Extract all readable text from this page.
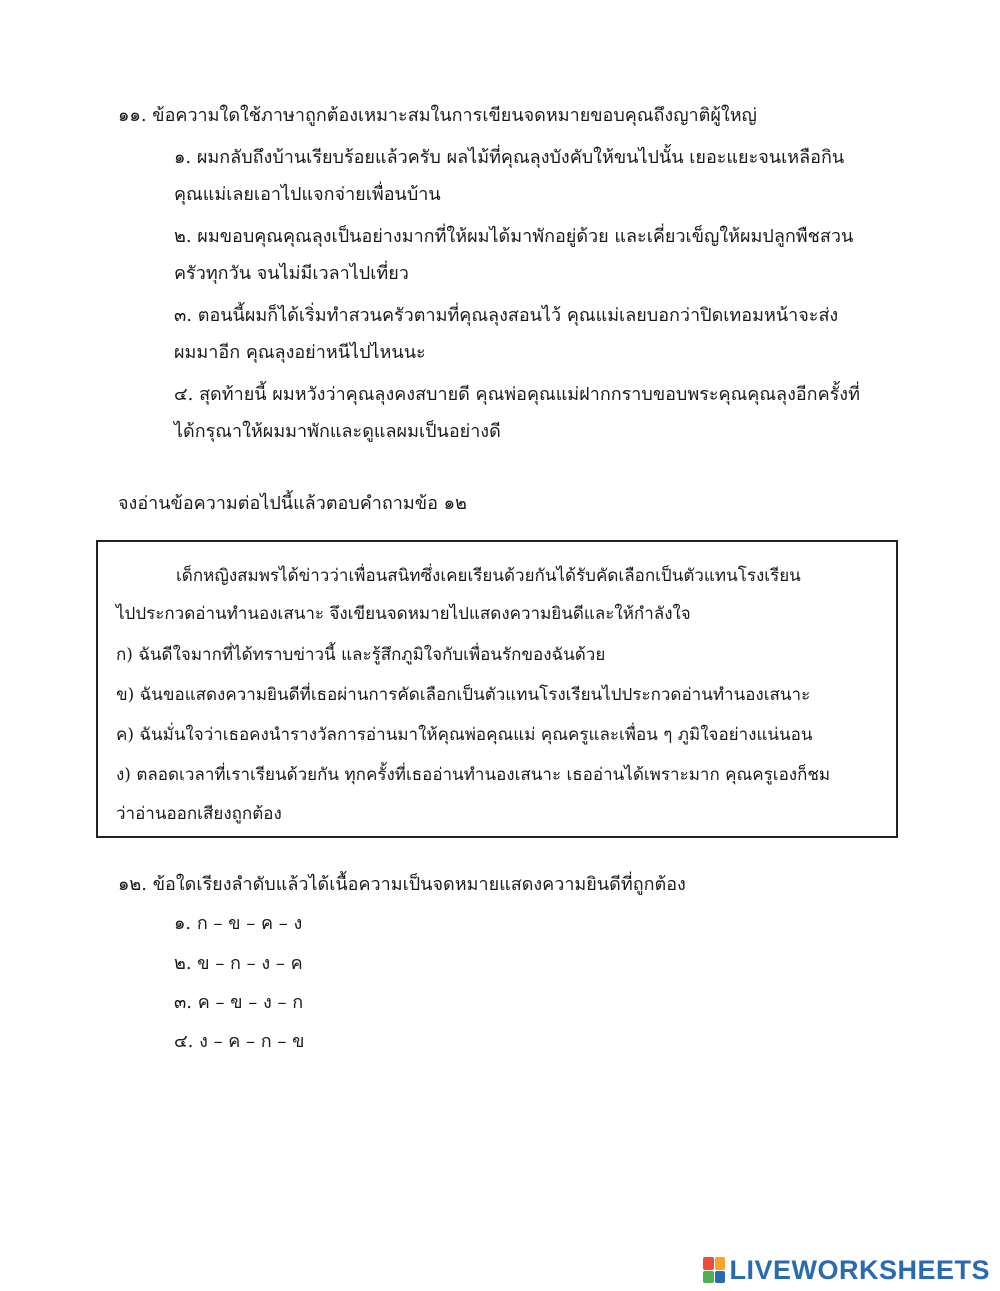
๑๑. ข้อความใดใช้ภาษาถูกต้องเหมาะสมในการเขียนจดหมายขอบคุณถึงญาติผู้ใหญ่
๑. ผมกลับถึงบ้านเรียบร้อยแล้วครับ ผลไม้ที่คุณลุงบังคับให้ขนไปนั้น เยอะแยะจนเหลือกิน
คุณแม่เลยเอาไปแจกจ่ายเพื่อนบ้าน
๒. ผมขอบคุณคุณลุงเป็นอย่างมากที่ให้ผมได้มาพักอยู่ด้วย และเคี่ยวเข็ญให้ผมปลูกพืชสวน
ครัวทุกวัน จนไม่มีเวลาไปเที่ยว
๓. ตอนนี้ผมก็ได้เริ่มทำสวนครัวตามที่คุณลุงสอนไว้ คุณแม่เลยบอกว่าปิดเทอมหน้าจะส่ง
ผมมาอีก คุณลุงอย่าหนีไปไหนนะ
๔. สุดท้ายนี้ ผมหวังว่าคุณลุงคงสบายดี คุณพ่อคุณแม่ฝากกราบขอบพระคุณคุณลุงอีกครั้งที่
ได้กรุณาให้ผมมาพักและดูแลผมเป็นอย่างดี
จงอ่านข้อความต่อไปนี้แล้วตอบคำถามข้อ ๑๒
เด็กหญิงสมพรได้ข่าวว่าเพื่อนสนิทซึ่งเคยเรียนด้วยกันได้รับคัดเลือกเป็นตัวแทนโรงเรียน
ไปประกวดอ่านทำนองเสนาะ จึงเขียนจดหมายไปแสดงความยินดีและให้กำลังใจ
ก) ฉันดีใจมากที่ได้ทราบข่าวนี้ และรู้สึกภูมิใจกับเพื่อนรักของฉันด้วย
ข) ฉันขอแสดงความยินดีที่เธอผ่านการคัดเลือกเป็นตัวแทนโรงเรียนไปประกวดอ่านทำนองเสนาะ
ค) ฉันมั่นใจว่าเธอคงนำรางวัลการอ่านมาให้คุณพ่อคุณแม่ คุณครูและเพื่อน ๆ ภูมิใจอย่างแน่นอน
ง) ตลอดเวลาที่เราเรียนด้วยกัน ทุกครั้งที่เธออ่านทำนองเสนาะ เธออ่านได้เพราะมาก คุณครูเองก็ชม
ว่าอ่านออกเสียงถูกต้อง
๑๒. ข้อใดเรียงลำดับแล้วได้เนื้อความเป็นจดหมายแสดงความยินดีที่ถูกต้อง
๑. ก – ข – ค – ง
๒. ข – ก – ง – ค
๓. ค – ข – ง – ก
๔. ง – ค – ก – ข
LIVEWORKSHEETS
